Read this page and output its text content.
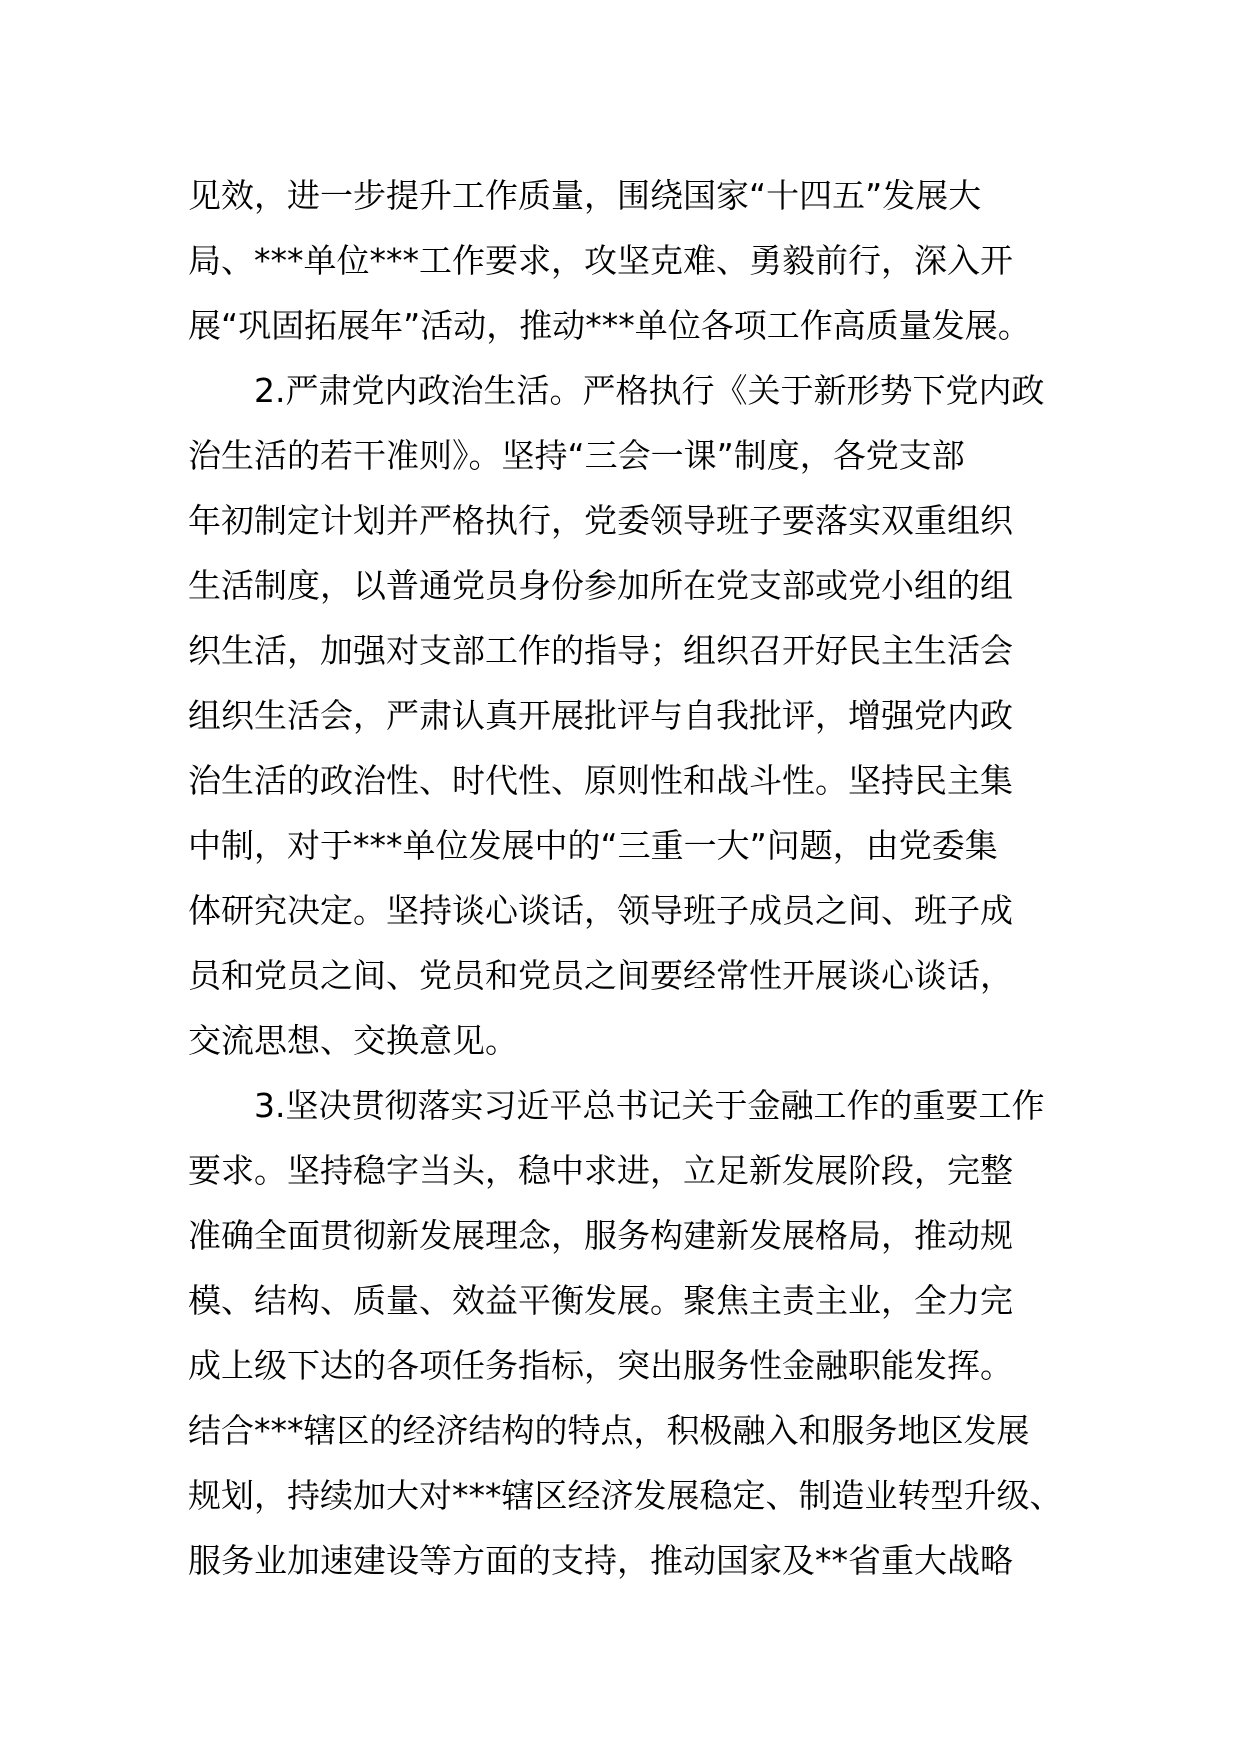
见效，进一步提升工作质量，围绕国家“十四五”发展大
局、***单位***工作要求，攻坚克难、勇毅前行，深入开
展“巩固拓展年”活动，推动***单位各项工作高质量发展。
2.严肃党内政治生活。严格执行《关于新形势下党内政
治生活的若干准则》。坚持“三会一课”制度，各党支部
年初制定计划并严格执行，党委领导班子要落实双重组织
生活制度，以普通党员身份参加所在党支部或党小组的组
织生活，加强对支部工作的指导；组织召开好民主生活会
组织生活会，严肃认真开展批评与自我批评，增强党内政
治生活的政治性、时代性、原则性和战斗性。坚持民主集
中制，对于***单位发展中的“三重一大”问题，由党委集
体研究决定。坚持谈心谈话，领导班子成员之间、班子成
员和党员之间、党员和党员之间要经常性开展谈心谈话，
交流思想、交换意见。
3.坚决贯彻落实习近平总书记关于金融工作的重要工作
要求。坚持稳字当头，稳中求进，立足新发展阶段，完整
准确全面贯彻新发展理念，服务构建新发展格局，推动规
模、结构、质量、效益平衡发展。聚焦主责主业，全力完
成上级下达的各项任务指标，突出服务性金融职能发挥。
结合***辖区的经济结构的特点，积极融入和服务地区发展
规划，持续加大对***辖区经济发展稳定、制造业转型升级、
服务业加速建设等方面的支持，推动国家及**省重大战略
